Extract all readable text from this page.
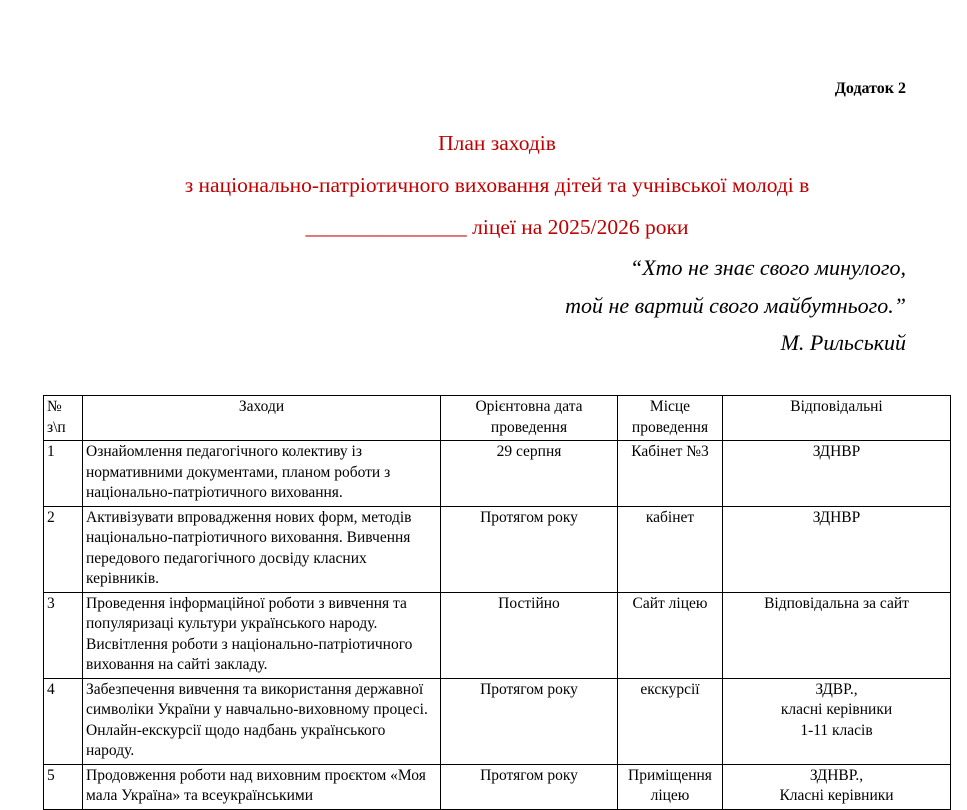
Додаток 2

План заходів
з національно-патріотичного виховання дітей та учнівської молоді в
_______________ ліцеї на 2025/2026 роки
“Хто не знає свого минулого,
той не вартий свого майбутнього.”
М. Рильський
№ з\п	Заходи	Орієнтовна дата проведення	Місце проведення	Відповідальні
1	Ознайомлення педагогічного колективу із нормативними документами, планом роботи з національно-патріотичного виховання.	29 серпня	Кабінет №3	ЗДНВР

2	Активізувати впровадження нових форм, методів національно-патріотичного виховання. Вивчення передового педагогічного досвіду класних керівників.	Протягом року	кабінет	ЗДНВР

3	Проведення інформаційної роботи з вивчення та популяризаці культури українського народу. Висвітлення роботи з національно-патріотичного виховання на сайті закладу.	Постійно	Сайт ліцею	Відповідальна за сайт

4	Забезпечення вивчення та використання державної символіки України у навчально-виховному процесі. Онлайн-екскурсії щодо надбань українського народу.	Протягом року	екскурсії	ЗДВР.,
класні керівники
1-11 класів

5	Продовження роботи над виховним проєктом «Моя мала Україна» та всеукраїнськими	Протягом року	Приміщення ліцею	ЗДНВР.,
Класні керівники
